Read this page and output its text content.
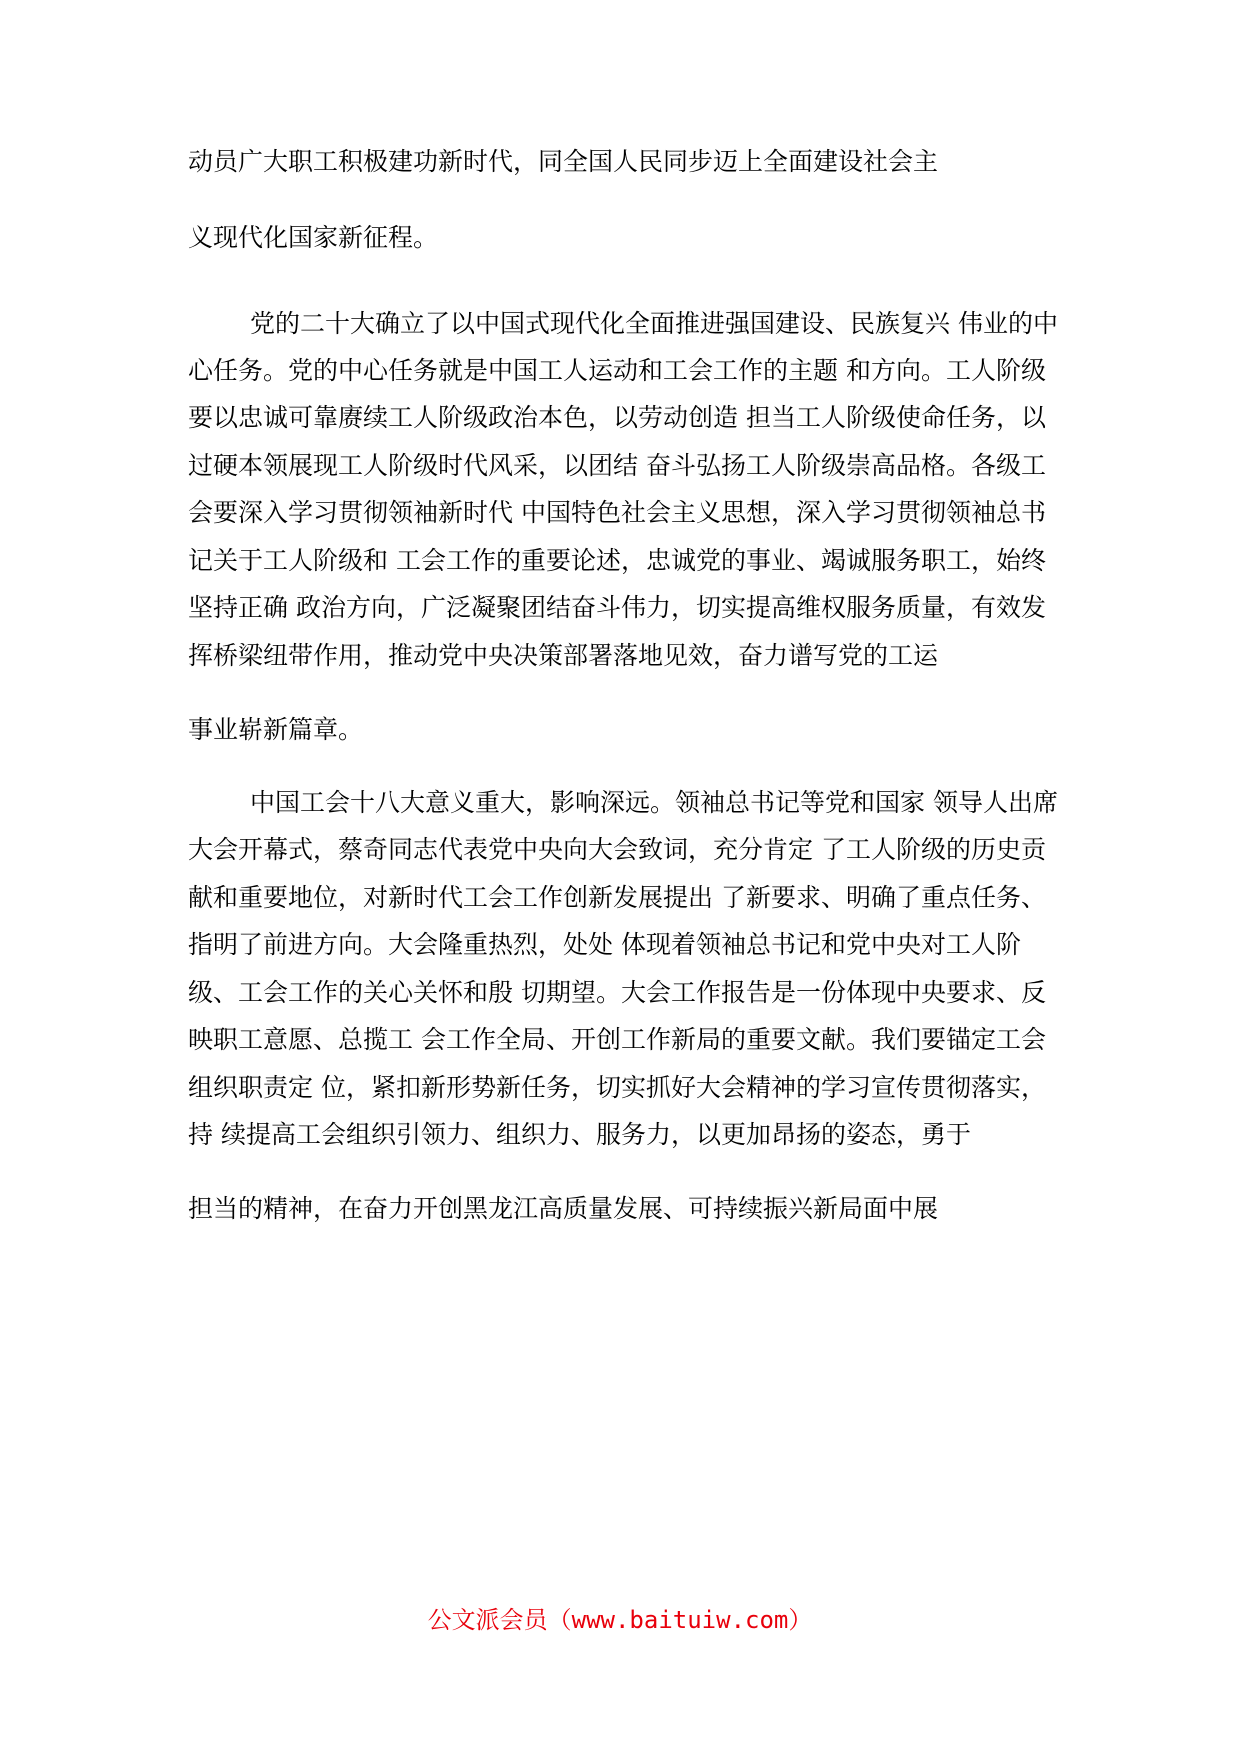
动员广大职工积极建功新时代，同全国人民同步迈上全面建设社会主
义现代化国家新征程。
党的二十大确立了以中国式现代化全面推进强国建设、民族复兴 伟业的中
心任务。党的中心任务就是中国工人运动和工会工作的主题 和方向。工人阶级
要以忠诚可靠赓续工人阶级政治本色，以劳动创造 担当工人阶级使命任务，以
过硬本领展现工人阶级时代风采，以团结 奋斗弘扬工人阶级崇高品格。各级工
会要深入学习贯彻领袖新时代 中国特色社会主义思想，深入学习贯彻领袖总书
记关于工人阶级和 工会工作的重要论述，忠诚党的事业、竭诚服务职工，始终
坚持正确 政治方向，广泛凝聚团结奋斗伟力，切实提高维权服务质量，有效发
挥桥梁纽带作用，推动党中央决策部署落地见效，奋力谱写党的工运
事业崭新篇章。
中国工会十八大意义重大，影响深远。领袖总书记等党和国家 领导人出席
大会开幕式，蔡奇同志代表党中央向大会致词，充分肯定 了工人阶级的历史贡
献和重要地位，对新时代工会工作创新发展提出 了新要求、明确了重点任务、
指明了前进方向。大会隆重热烈，处处 体现着领袖总书记和党中央对工人阶
级、工会工作的关心关怀和殷 切期望。大会工作报告是一份体现中央要求、反
映职工意愿、总揽工 会工作全局、开创工作新局的重要文献。我们要锚定工会
组织职责定 位，紧扣新形势新任务，切实抓好大会精神的学习宣传贯彻落实，
持 续提高工会组织引领力、组织力、服务力，以更加昂扬的姿态，勇于
担当的精神，在奋力开创黑龙江高质量发展、可持续振兴新局面中展
公文派会员（www.baituiw.com）
